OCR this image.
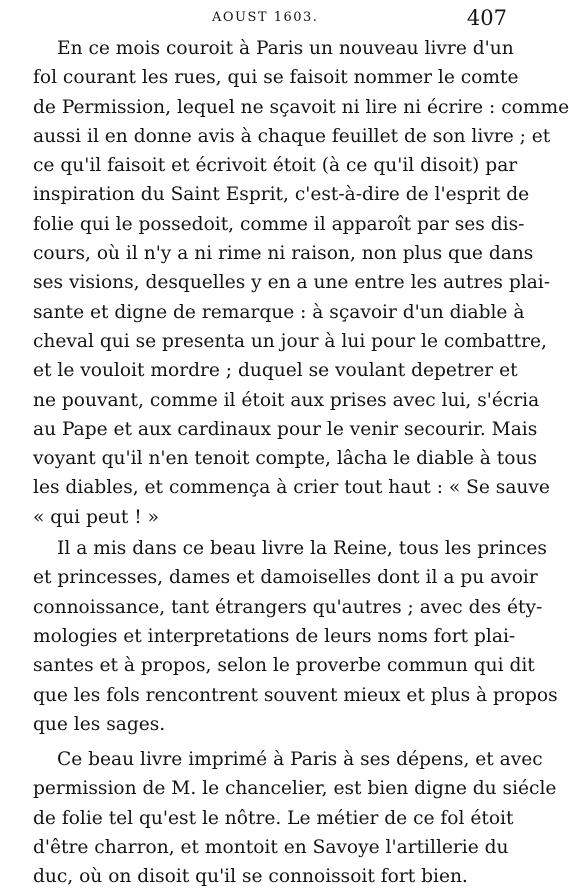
AOUST 1603.	407
En ce mois couroit à Paris un nouveau livre d'un
fol courant les rues, qui se faisoit nommer le comte
de Permission, lequel ne sçavoit ni lire ni écrire : comme
aussi il en donne avis à chaque feuillet de son livre ; et
ce qu'il faisoit et écrivoit étoit (à ce qu'il disoit) par
inspiration du Saint Esprit, c'est-à-dire de l'esprit de
folie qui le possedoit, comme il apparoît par ses dis-
cours, où il n'y a ni rime ni raison, non plus que dans
ses visions, desquelles y en a une entre les autres plai-
sante et digne de remarque : à sçavoir d'un diable à
cheval qui se presenta un jour à lui pour le combattre,
et le vouloit mordre ; duquel se voulant depetrer et
ne pouvant, comme il étoit aux prises avec lui, s'écria
au Pape et aux cardinaux pour le venir secourir. Mais
voyant qu'il n'en tenoit compte, lâcha le diable à tous
les diables, et commença à crier tout haut : « Se sauve
« qui peut ! »
Il a mis dans ce beau livre la Reine, tous les princes
et princesses, dames et damoiselles dont il a pu avoir
connoissance, tant étrangers qu'autres ; avec des éty-
mologies et interpretations de leurs noms fort plai-
santes et à propos, selon le proverbe commun qui dit
que les fols rencontrent souvent mieux et plus à propos
que les sages.
Ce beau livre imprimé à Paris à ses dépens, et avec
permission de M. le chancelier, est bien digne du siécle
de folie tel qu'est le nôtre. Le métier de ce fol étoit
d'être charron, et montoit en Savoye l'artillerie du
duc, où on disoit qu'il se connoissoit fort bien.
